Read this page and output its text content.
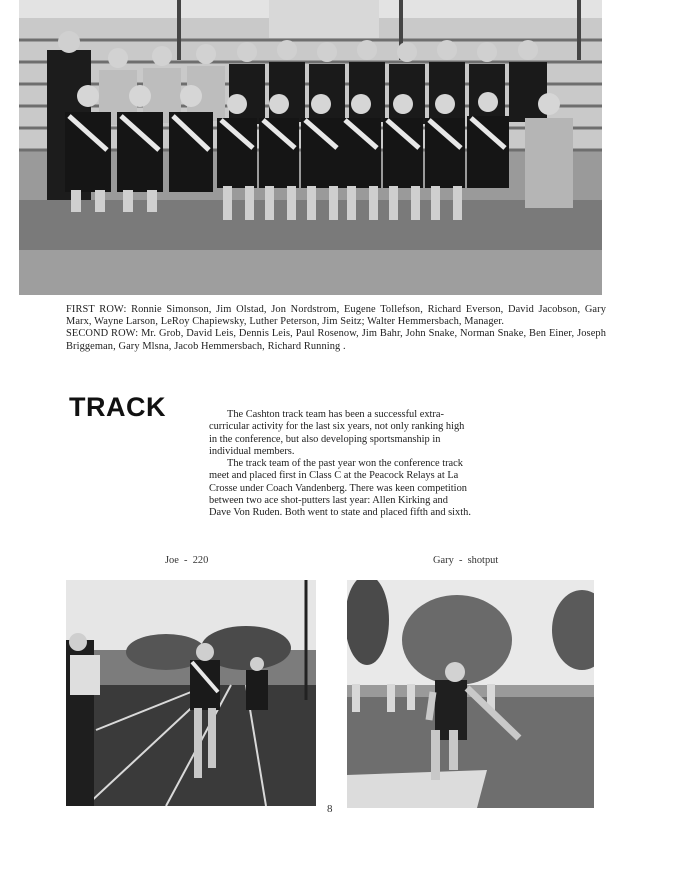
FIRST ROW: Ronnie Simonson, Jim Olstad, Jon Nordstrom, Eugene Tollefson, Richard Everson, David Jacobson, Gary Marx, Wayne Larson, LeRoy Chapiewsky, Luther Peterson, Jim Seitz; Walter Hemmersbach, Manager.

SECOND ROW: Mr. Grob, David Leis, Dennis Leis, Paul Rosenow, Jim Bahr, John Snake, Norman Snake, Ben Einer, Joseph Briggeman, Gary Mlsna, Jacob Hemmersbach, Richard Running .

TRACK	The Cashton track team has been a successful extra-curricular activity for the last six years, not only ranking high in the conference, but also developing sportsmanship in individual members.

The track team of the past year won the conference track meet and placed first in Class C at the Peacock Relays at La Crosse under Coach Vandenberg. There was keen competition between two ace shot-putters last year: Allen Kirking and Dave Von Ruden. Both went to state and placed fifth and sixth.

Joe  -  220	Gary  -  shotput
8
